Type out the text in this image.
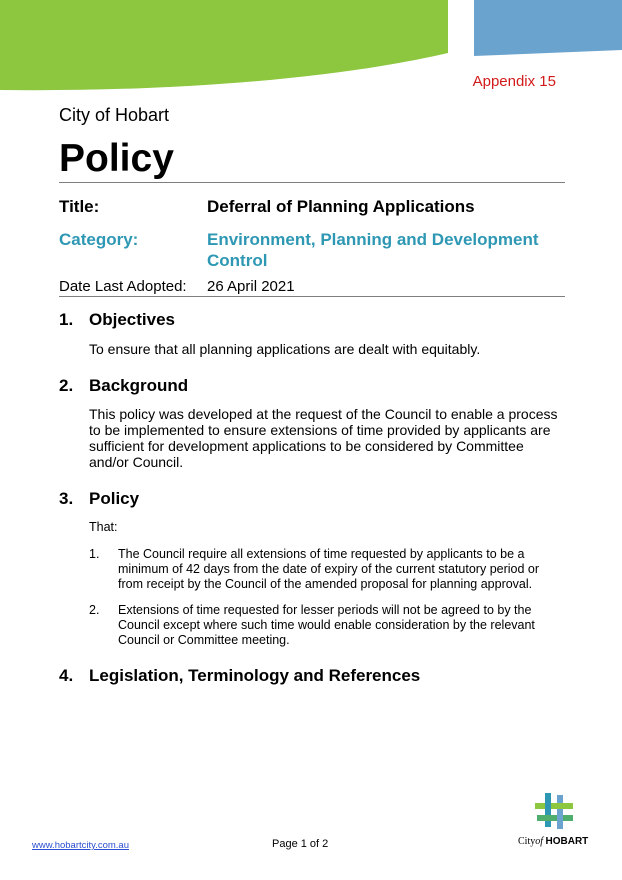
Appendix 15
City of Hobart
Policy
Title:	Deferral of Planning Applications
Category:	Environment, Planning and Development Control
Date Last Adopted: 26 April 2021
1. Objectives
To ensure that all planning applications are dealt with equitably.
2. Background
This policy was developed at the request of the Council to enable a process to be implemented to ensure extensions of time provided by applicants are sufficient for development applications to be considered by Committee and/or Council.
3. Policy
That:
1. The Council require all extensions of time requested by applicants to be a minimum of 42 days from the date of expiry of the current statutory period or from receipt by the Council of the amended proposal for planning approval.
2. Extensions of time requested for lesser periods will not be agreed to by the Council except where such time would enable consideration by the relevant Council or Committee meeting.
4. Legislation, Terminology and References
www.hobartcity.com.au	Page 1 of 2	Cityof HOBART
